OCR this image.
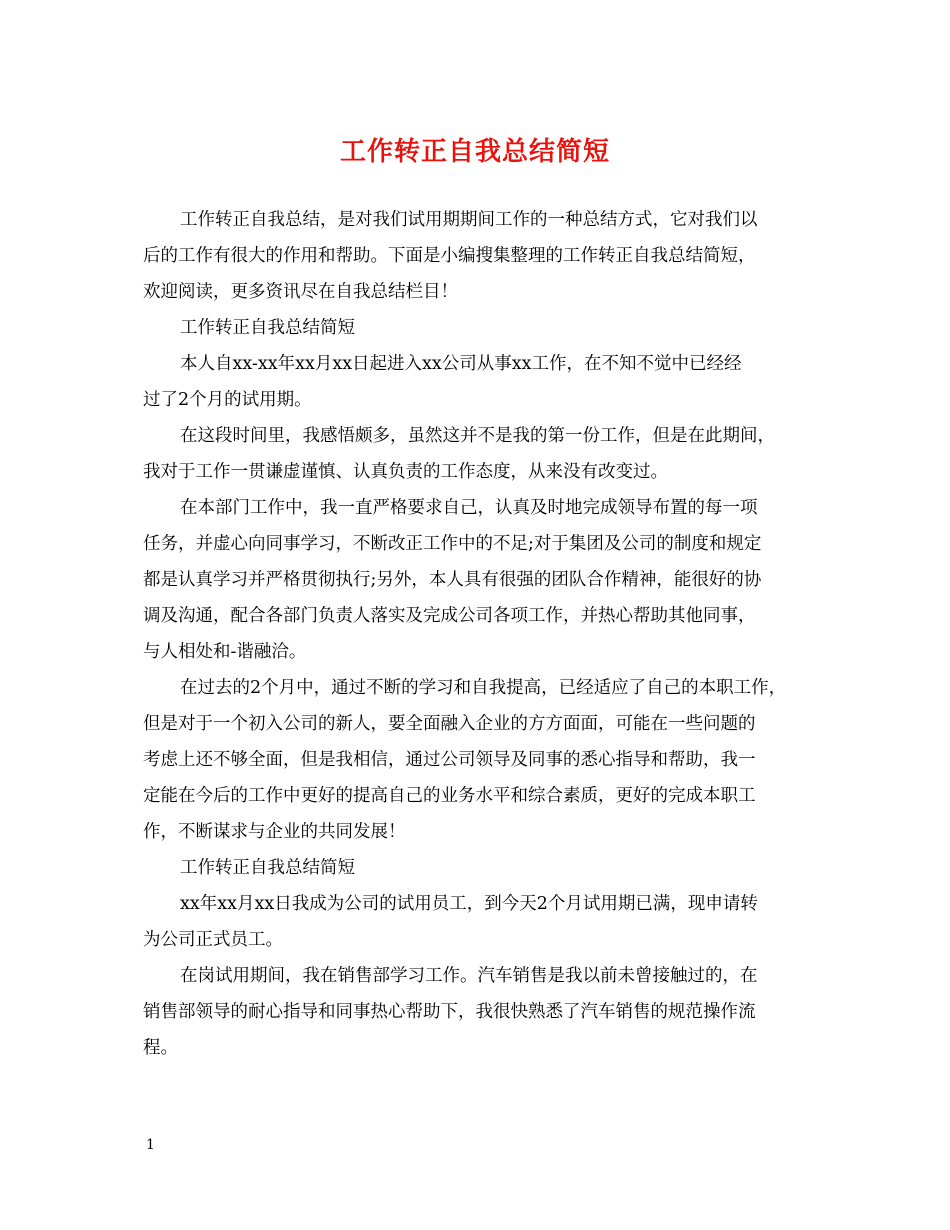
工作转正自我总结简短
工作转正自我总结，是对我们试用期期间工作的一种总结方式，它对我们以
后的工作有很大的作用和帮助。下面是小编搜集整理的工作转正自我总结简短，
欢迎阅读，更多资讯尽在自我总结栏目！
工作转正自我总结简短
本人自xx-xx年xx月xx日起进入xx公司从事xx工作，在不知不觉中已经经
过了2个月的试用期。
在这段时间里，我感悟颇多，虽然这并不是我的第一份工作，但是在此期间，
我对于工作一贯谦虚谨慎、认真负责的工作态度，从来没有改变过。
在本部门工作中，我一直严格要求自己，认真及时地完成领导布置的每一项
任务，并虚心向同事学习，不断改正工作中的不足;对于集团及公司的制度和规定
都是认真学习并严格贯彻执行;另外，本人具有很强的团队合作精神，能很好的协
调及沟通，配合各部门负责人落实及完成公司各项工作，并热心帮助其他同事，
与人相处和-谐融洽。
在过去的2个月中，通过不断的学习和自我提高，已经适应了自己的本职工作，
但是对于一个初入公司的新人，要全面融入企业的方方面面，可能在一些问题的
考虑上还不够全面，但是我相信，通过公司领导及同事的悉心指导和帮助，我一
定能在今后的工作中更好的提高自己的业务水平和综合素质，更好的完成本职工
作，不断谋求与企业的共同发展！
工作转正自我总结简短
xx年xx月xx日我成为公司的试用员工，到今天2个月试用期已满，现申请转
为公司正式员工。
在岗试用期间，我在销售部学习工作。汽车销售是我以前未曾接触过的，在
销售部领导的耐心指导和同事热心帮助下，我很快熟悉了汽车销售的规范操作流
程。
1
